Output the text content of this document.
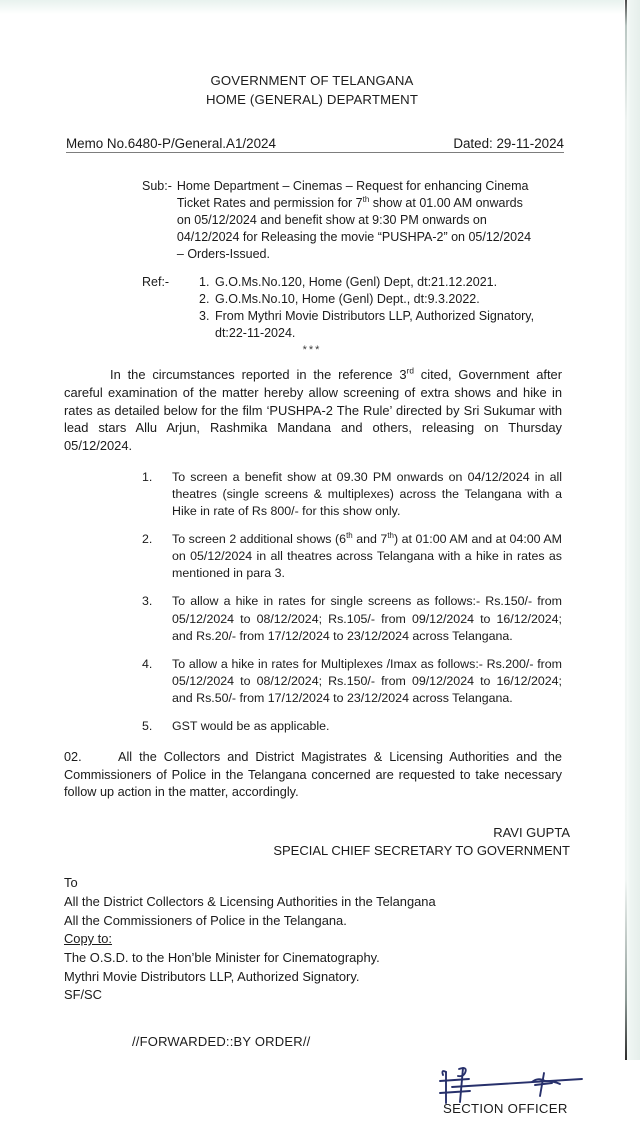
GOVERNMENT OF TELANGANA
HOME (GENERAL) DEPARTMENT
Memo No.6480-P/General.A1/2024	Dated: 29-11-2024
Sub:- Home Department – Cinemas – Request for enhancing Cinema

Ticket Rates and permission for 7th show at 01.00 AM onwards

on 05/12/2024 and benefit show at 9:30 PM onwards on

04/12/2024 for Releasing the movie “PUSHPA-2” on 05/12/2024

– Orders-Issued.

Ref:-	1. G.O.Ms.No.120, Home (Genl) Dept, dt:21.12.2021.
2. G.O.Ms.No.10, Home (Genl) Dept., dt:9.3.2022.
3. From Mythri Movie Distributors LLP, Authorized Signatory,
dt:22-11-2024.
***
In the circumstances reported in the reference 3rd cited, Government after careful examination of the matter hereby allow screening of extra shows and hike in rates as detailed below for the film ‘PUSHPA-2 The Rule’ directed by Sri Sukumar with lead stars Allu Arjun, Rashmika Mandana and others, releasing on Thursday 05/12/2024.
1.	To screen a benefit show at 09.30 PM onwards on 04/12/2024 in all theatres (single screens & multiplexes) across the Telangana with a Hike in rate of Rs 800/- for this show only.
2.	To screen 2 additional shows (6th and 7th) at 01:00 AM and at 04:00 AM on 05/12/2024 in all theatres across Telangana with a hike in rates as mentioned in para 3.
3.	To allow a hike in rates for single screens as follows:- Rs.150/- from 05/12/2024 to 08/12/2024; Rs.105/- from 09/12/2024 to 16/12/2024; and Rs.20/- from 17/12/2024 to 23/12/2024 across Telangana.
4.	To allow a hike in rates for Multiplexes /Imax as follows:- Rs.200/- from 05/12/2024 to 08/12/2024; Rs.150/- from 09/12/2024 to 16/12/2024; and Rs.50/- from 17/12/2024 to 23/12/2024 across Telangana.
5.	GST would be as applicable.
02.	All the Collectors and District Magistrates & Licensing Authorities and the Commissioners of Police in the Telangana concerned are requested to take necessary follow up action in the matter, accordingly.
RAVI GUPTA
SPECIAL CHIEF SECRETARY TO GOVERNMENT
To
All the District Collectors & Licensing Authorities in the Telangana
All the Commissioners of Police in the Telangana.
Copy to:
The O.S.D. to the Hon’ble Minister for Cinematography.
Mythri Movie Distributors LLP, Authorized Signatory.
SF/SC
//FORWARDED::BY ORDER//
SECTION OFFICER
